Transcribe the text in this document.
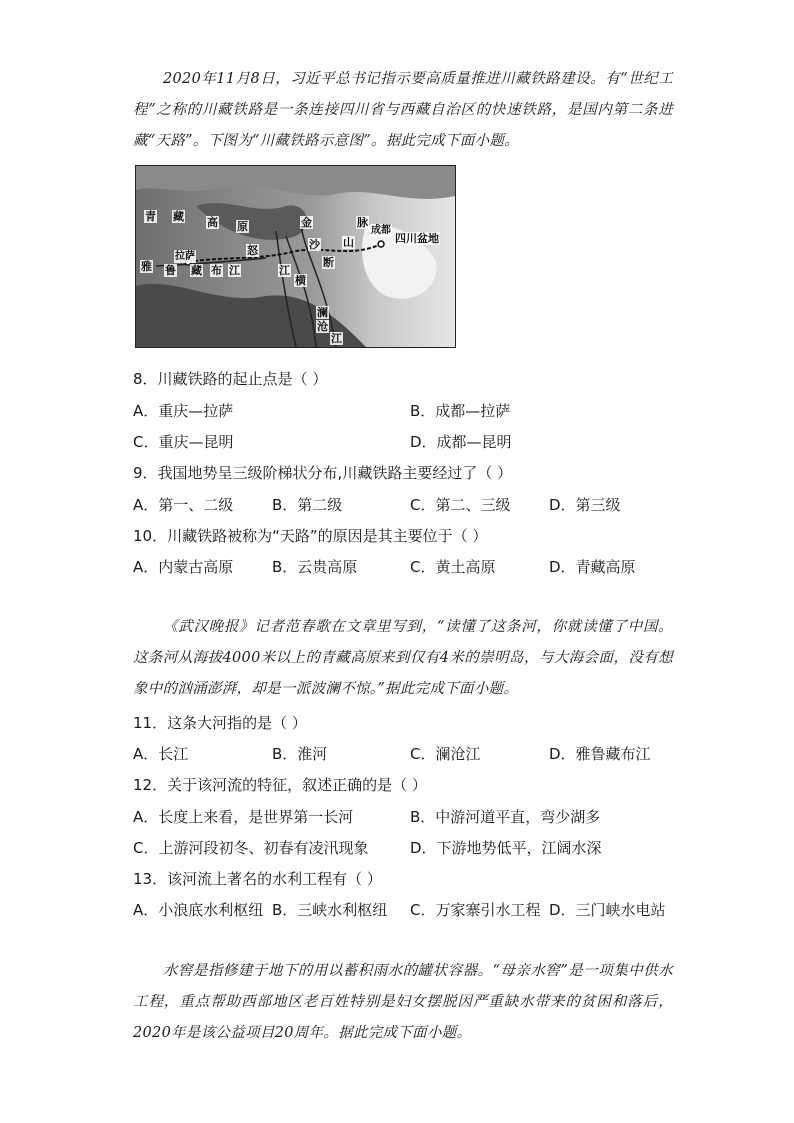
2020年11月8日，习近平总书记指示要高质量推进川藏铁路建设。有“世纪工程”之称的川藏铁路是一条连接四川省与西藏自治区的快速铁路，是国内第二条进藏“天路”。下图为“川藏铁路示意图”。据此完成下面小题。
青 藏 高 原
拉萨
雅 鲁 藏 布 江
怒
江
横
金
沙
断
山
脉
成都
四川盆地
澜
沧
江
8．川藏铁路的起止点是（ ）
A．重庆—拉萨	B．成都—拉萨
C．重庆—昆明	D．成都—昆明
9．我国地势呈三级阶梯状分布,川藏铁路主要经过了（ ）
A．第一、二级	B．第二级	C．第二、三级	D．第三级
10．川藏铁路被称为“天路”的原因是其主要位于（ ）
A．内蒙古高原	B．云贵高原	C．黄土高原	D．青藏高原
《武汉晚报》记者范春歌在文章里写到，“读懂了这条河，你就读懂了中国。这条河从海拔4000米以上的青藏高原来到仅有4米的崇明岛，与大海会面，没有想象中的汹涌澎湃，却是一派波澜不惊。”据此完成下面小题。
11．这条大河指的是（ ）
A．长江	B．淮河	C．澜沧江	D．雅鲁藏布江
12．关于该河流的特征，叙述正确的是（ ）
A．长度上来看，是世界第一长河	B．中游河道平直，弯少湖多
C．上游河段初冬、初春有凌汛现象	D．下游地势低平，江阔水深
13．该河流上著名的水利工程有（ ）
A．小浪底水利枢纽 B．三峡水利枢纽 C．万家寨引水工程 D．三门峡水电站
水窖是指修建于地下的用以蓄积雨水的罐状容器。“母亲水窖”是一项集中供水工程，重点帮助西部地区老百姓特别是妇女摆脱因严重缺水带来的贫困和落后，2020年是该公益项目20周年。据此完成下面小题。
